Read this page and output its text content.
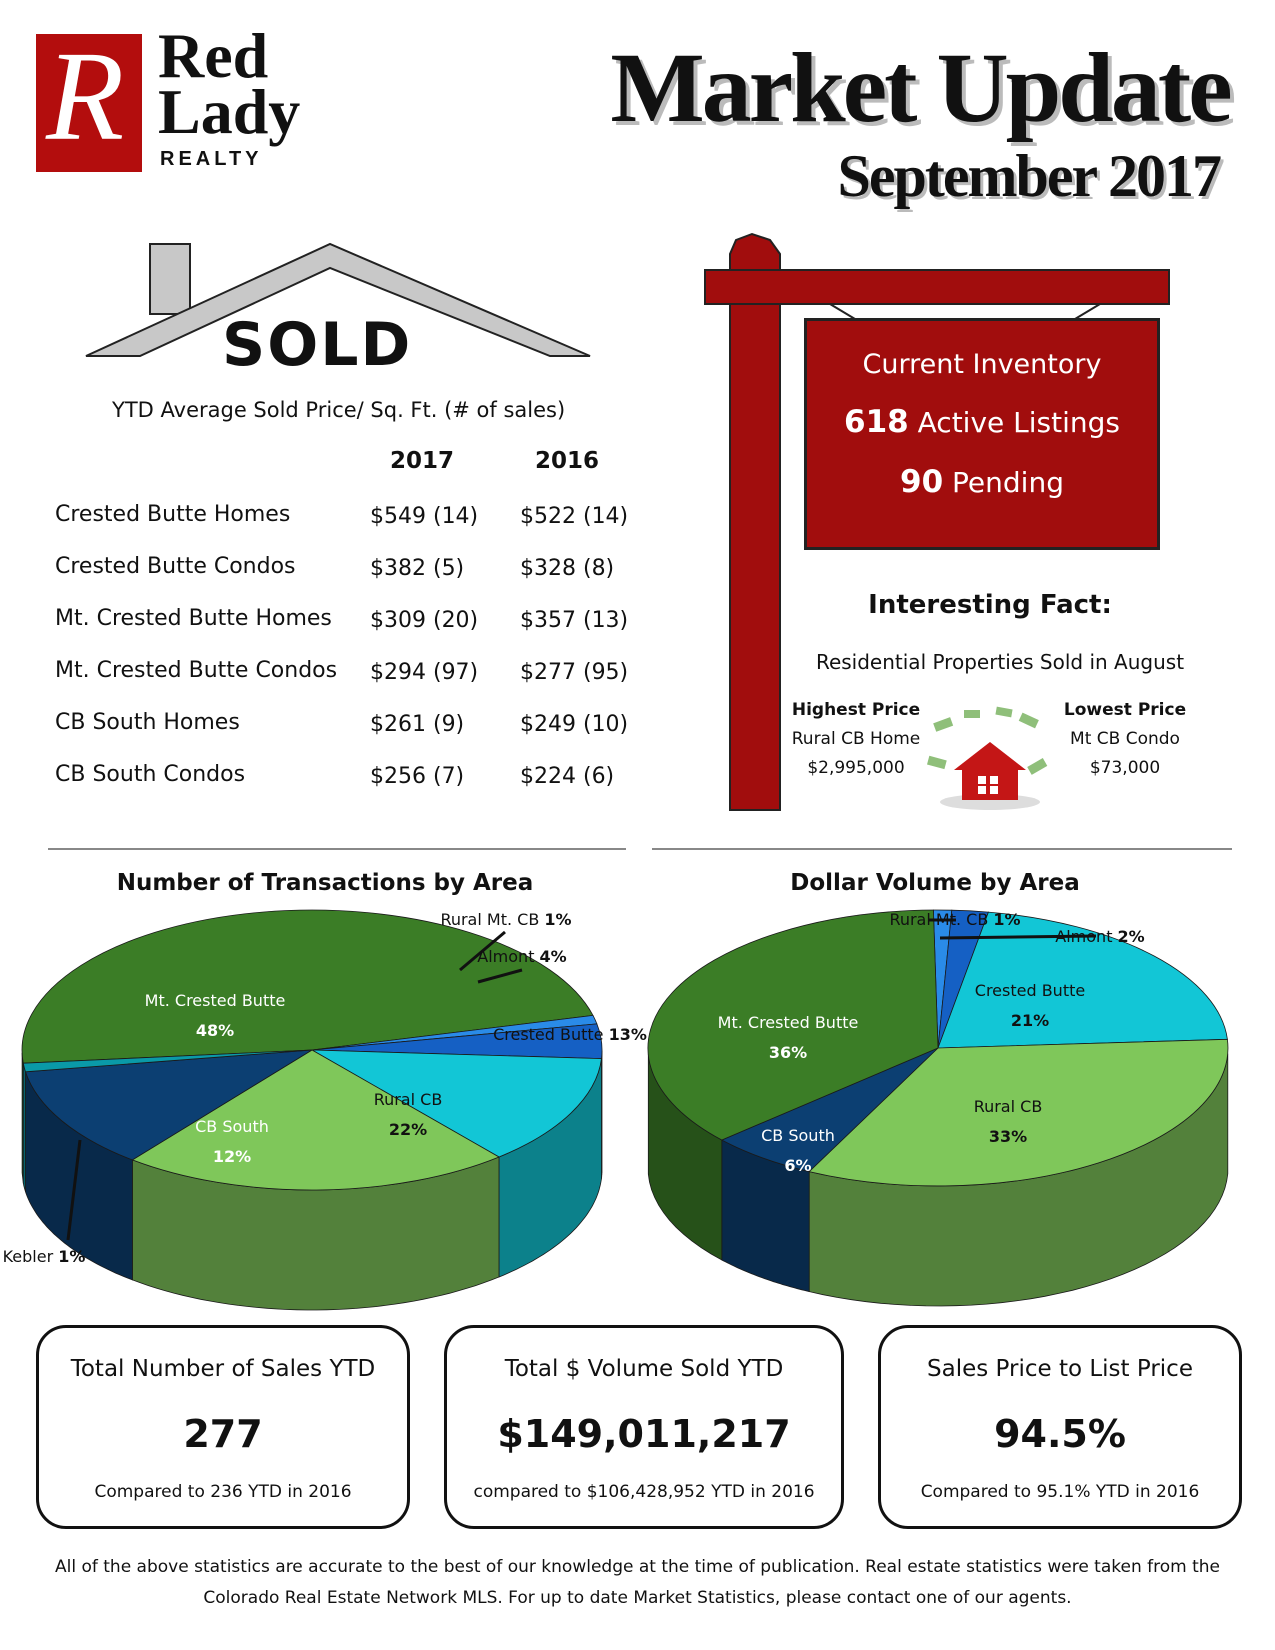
R Red
Lady
REALTY
Market Update
September 2017
SOLD
YTD Average Sold Price/ Sq. Ft. (# of sales)
2017	2016
Crested Butte Homes	$549 (14) $522 (14)
Crested Butte Condos	$382 (5)	$328 (8)
Mt. Crested Butte Homes $309 (20) $357 (13)
Mt. Crested Butte Condos $294 (97) $277 (95)
CB South Homes	$261 (9)	$249 (10)
CB South Condos	$256 (7)	$224 (6)
Current Inventory
618 Active Listings
90 Pending
Interesting Fact:
Residential Properties Sold in August
Highest Price
Rural CB Home
$2,995,000
Lowest Price
Mt CB Condo
$73,000
Number of Transactions by Area	Dollar Volume by Area
Mt. Crested Butte 48%
Rural Mt. CB 1%
Almont 4%
Crested Butte 13%
Rural CB 22%
CB South 12%
Kebler 1%
Rural Mt. CB 1%
Almont 2%
Crested Butte 21%
Rural CB 33%
CB South 6%
Mt. Crested Butte 36%
Total Number of Sales YTD
277
Compared to 236 YTD in 2016
Total $ Volume Sold YTD
$149,011,217
compared to $106,428,952 YTD in 2016
Sales Price to List Price
94.5%
Compared to 95.1% YTD in 2016
All of the above statistics are accurate to the best of our knowledge at the time of publication. Real estate statistics were taken from the
Colorado Real Estate Network MLS. For up to date Market Statistics, please contact one of our agents.
